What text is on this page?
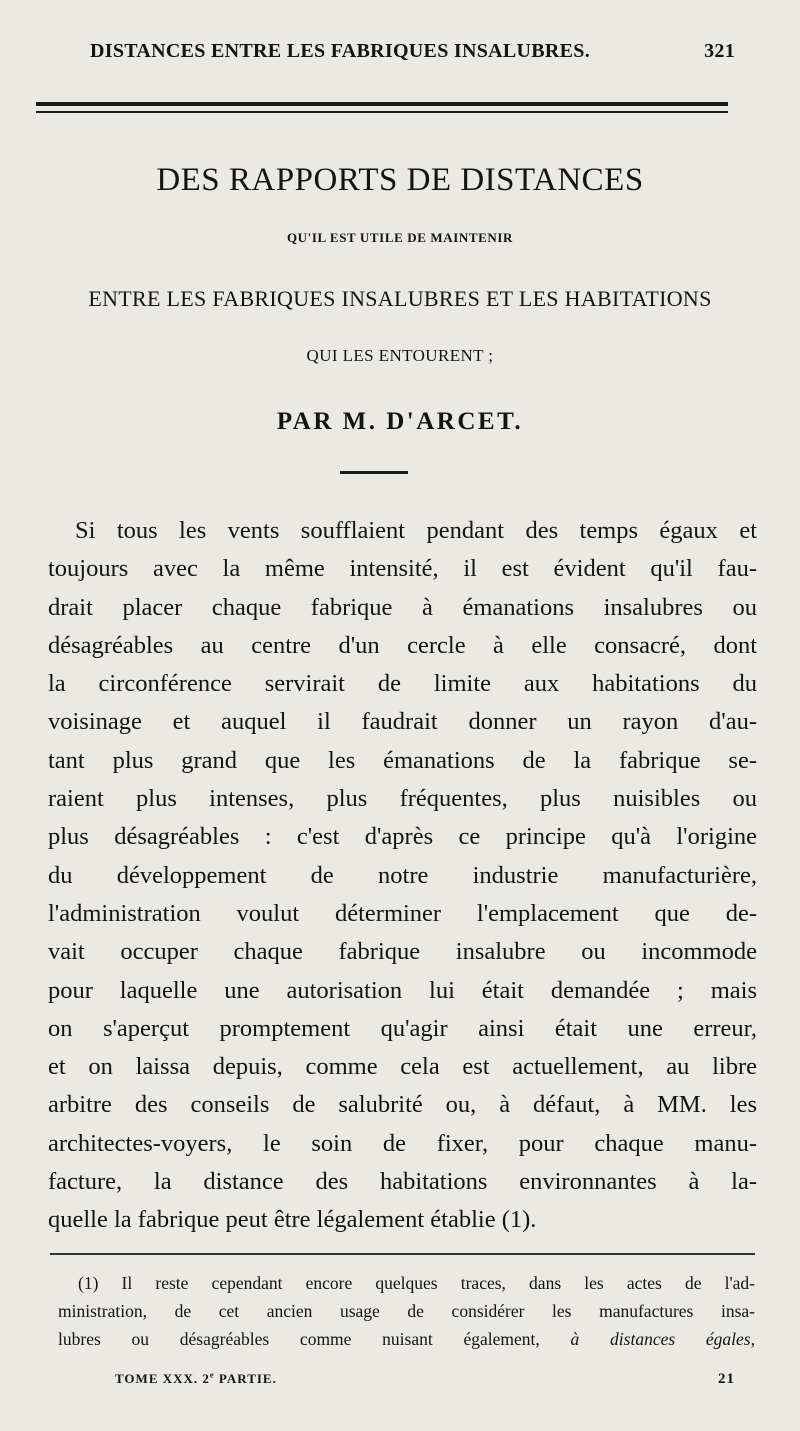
DISTANCES ENTRE LES FABRIQUES INSALUBRES.	321
DES RAPPORTS DE DISTANCES
QU'IL EST UTILE DE MAINTENIR
ENTRE LES FABRIQUES INSALUBRES ET LES HABITATIONS
QUI LES ENTOURENT ;
PAR M. D'ARCET.
Si tous les vents soufflaient pendant des temps égaux et
toujours avec la même intensité, il est évident qu'il fau-
drait placer chaque fabrique à émanations insalubres ou
désagréables au centre d'un cercle à elle consacré, dont
la circonférence servirait de limite aux habitations du
voisinage et auquel il faudrait donner un rayon d'au-
tant plus grand que les émanations de la fabrique se-
raient plus intenses, plus fréquentes, plus nuisibles ou
plus désagréables : c'est d'après ce principe qu'à l'origine
du développement de notre industrie manufacturière,
l'administration voulut déterminer l'emplacement que de-
vait occuper chaque fabrique insalubre ou incommode
pour laquelle une autorisation lui était demandée ; mais
on s'aperçut promptement qu'agir ainsi était une erreur,
et on laissa depuis, comme cela est actuellement, au libre
arbitre des conseils de salubrité ou, à défaut, à MM. les
architectes-voyers, le soin de fixer, pour chaque manu-
facture, la distance des habitations environnantes à la-
quelle la fabrique peut être légalement établie (1).
(1) Il reste cependant encore quelques traces, dans les actes de l'ad-
ministration, de cet ancien usage de considérer les manufactures insa-
lubres ou désagréables comme nuisant également, à distances égales,
TOME XXX. 2e PARTIE.	21
